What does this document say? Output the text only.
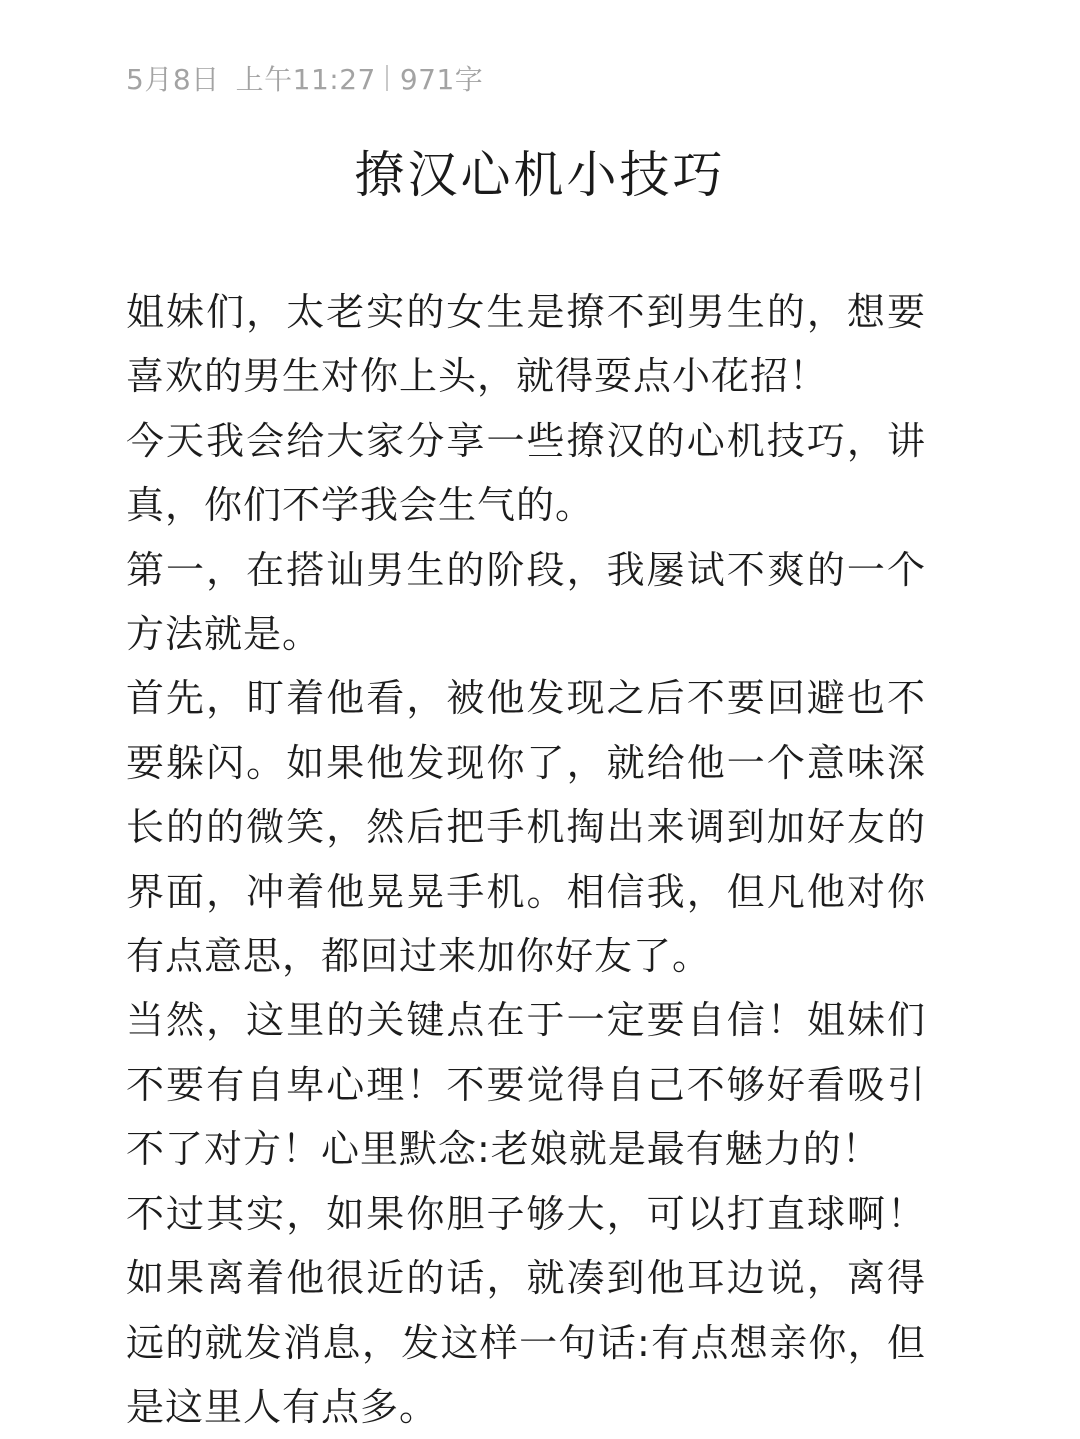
5月8日 上午11:27 971字
撩汉心机小技巧

姐妹们，太老实的女生是撩不到男生的，想要喜欢的男生对你上头，就得耍点小花招！

今天我会给大家分享一些撩汉的心机技巧，讲真，你们不学我会生气的。

第一，在搭讪男生的阶段，我屡试不爽的一个方法就是。

首先，盯着他看，被他发现之后不要回避也不要躲闪。如果他发现你了，就给他一个意味深长的的微笑，然后把手机掏出来调到加好友的界面，冲着他晃晃手机。相信我，但凡他对你有点意思，都回过来加你好友了。

当然，这里的关键点在于一定要自信！姐妹们不要有自卑心理！不要觉得自己不够好看吸引不了对方！心里默念:老娘就是最有魅力的！

不过其实，如果你胆子够大，可以打直球啊！如果离着他很近的话，就凑到他耳边说，离得远的就发消息，发这样一句话:有点想亲你，但是这里人有点多。
